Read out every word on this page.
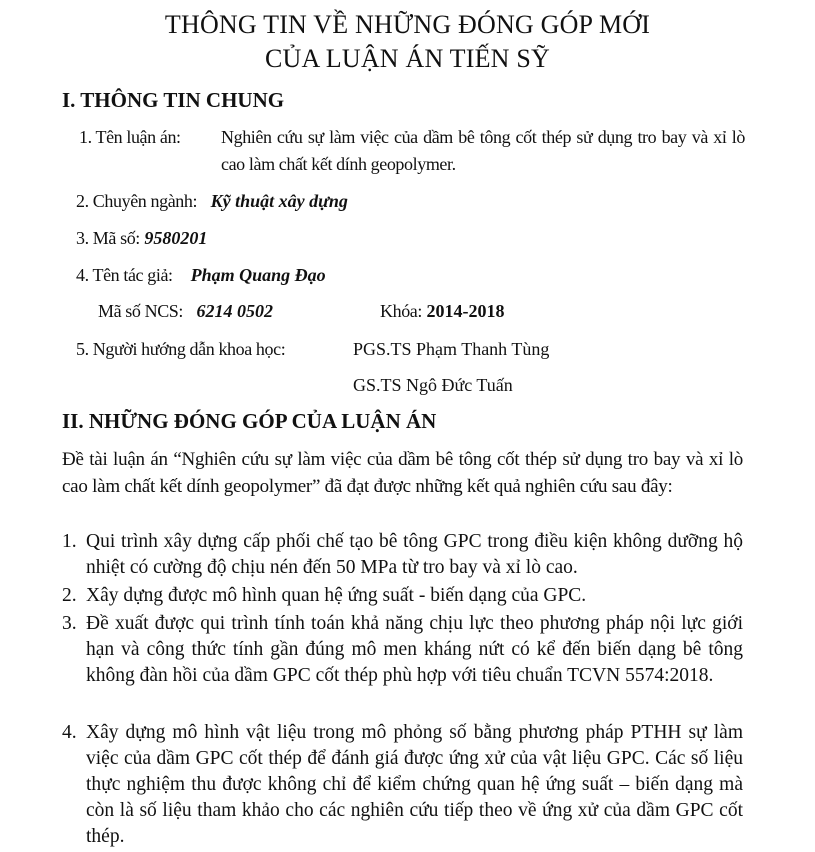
THÔNG TIN VỀ NHỮNG ĐÓNG GÓP MỚI
CỦA LUẬN ÁN TIẾN SỸ
I. THÔNG TIN CHUNG
1. Tên luận án: Nghiên cứu sự làm việc của dầm bê tông cốt thép sử dụng tro bay và xỉ lò cao làm chất kết dính geopolymer.
2. Chuyên ngành: Kỹ thuật xây dựng
3. Mã số: 9580201
4. Tên tác giả: Phạm Quang Đạo
Mã số NCS: 6214 0502	Khóa: 2014-2018
5. Người hướng dẫn khoa học:	PGS.TS Phạm Thanh Tùng
GS.TS Ngô Đức Tuấn
II. NHỮNG ĐÓNG GÓP CỦA LUẬN ÁN
Đề tài luận án “Nghiên cứu sự làm việc của dầm bê tông cốt thép sử dụng tro bay và xỉ lò cao làm chất kết dính geopolymer” đã đạt được những kết quả nghiên cứu sau đây:
1. Qui trình xây dựng cấp phối chế tạo bê tông GPC trong điều kiện không dưỡng hộ nhiệt có cường độ chịu nén đến 50 MPa từ tro bay và xỉ lò cao.
2. Xây dựng được mô hình quan hệ ứng suất - biến dạng của GPC.
3. Đề xuất được qui trình tính toán khả năng chịu lực theo phương pháp nội lực giới hạn và công thức tính gần đúng mô men kháng nứt có kể đến biến dạng bê tông không đàn hồi của dầm GPC cốt thép phù hợp với tiêu chuẩn TCVN 5574:2018.
4. Xây dựng mô hình vật liệu trong mô phỏng số bằng phương pháp PTHH sự làm việc của dầm GPC cốt thép để đánh giá được ứng xử của vật liệu GPC. Các số liệu thực nghiệm thu được không chỉ để kiểm chứng quan hệ ứng suất – biến dạng mà còn là số liệu tham khảo cho các nghiên cứu tiếp theo về ứng xử của dầm GPC cốt thép.
